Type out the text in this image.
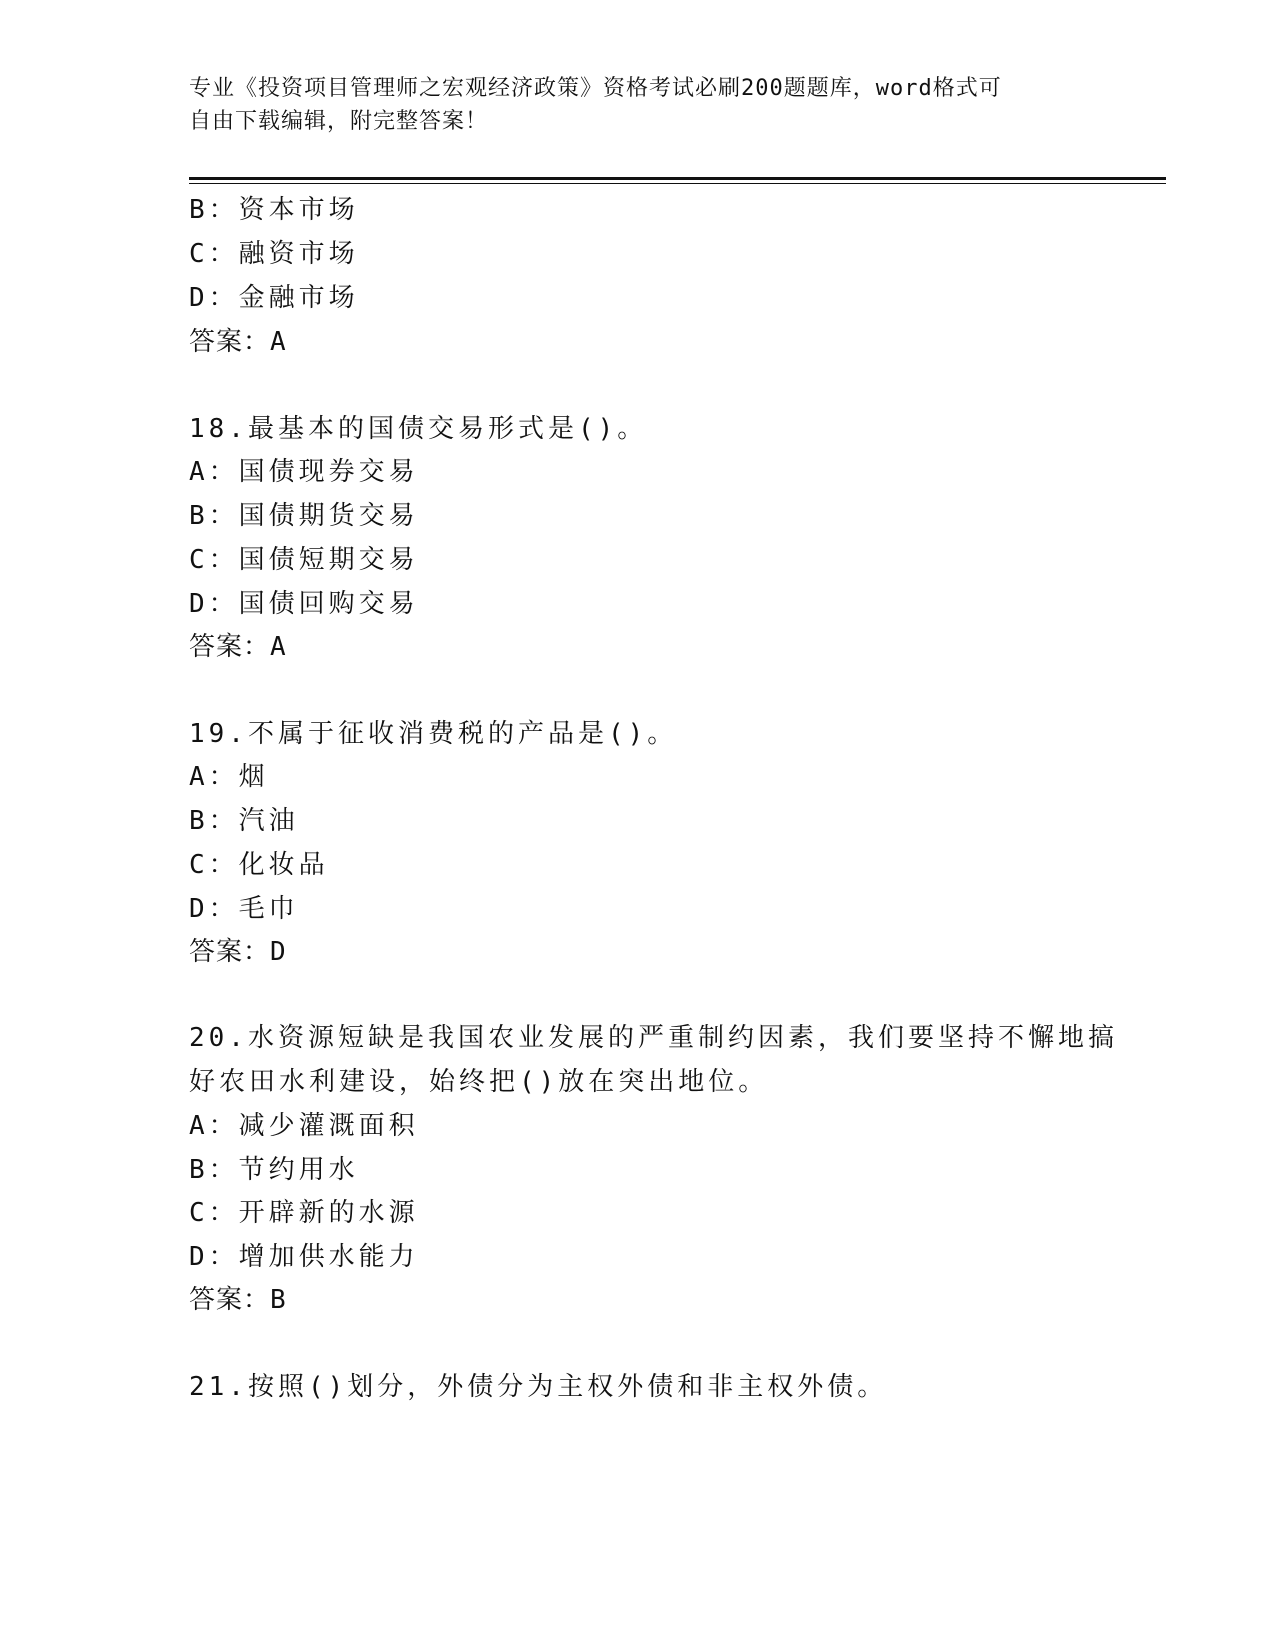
专业《投资项目管理师之宏观经济政策》资格考试必刷200题题库，word格式可
自由下载编辑，附完整答案！
B：资本市场
C：融资市场
D：金融市场
答案：A
18.最基本的国债交易形式是()。
A：国债现券交易
B：国债期货交易
C：国债短期交易
D：国债回购交易
答案：A
19.不属于征收消费税的产品是()。
A：烟
B：汽油
C：化妆品
D：毛巾
答案：D
20.水资源短缺是我国农业发展的严重制约因素，我们要坚持不懈地搞
好农田水利建设，始终把()放在突出地位。
A：减少灌溉面积
B：节约用水
C：开辟新的水源
D：增加供水能力
答案：B
21.按照()划分，外债分为主权外债和非主权外债。
